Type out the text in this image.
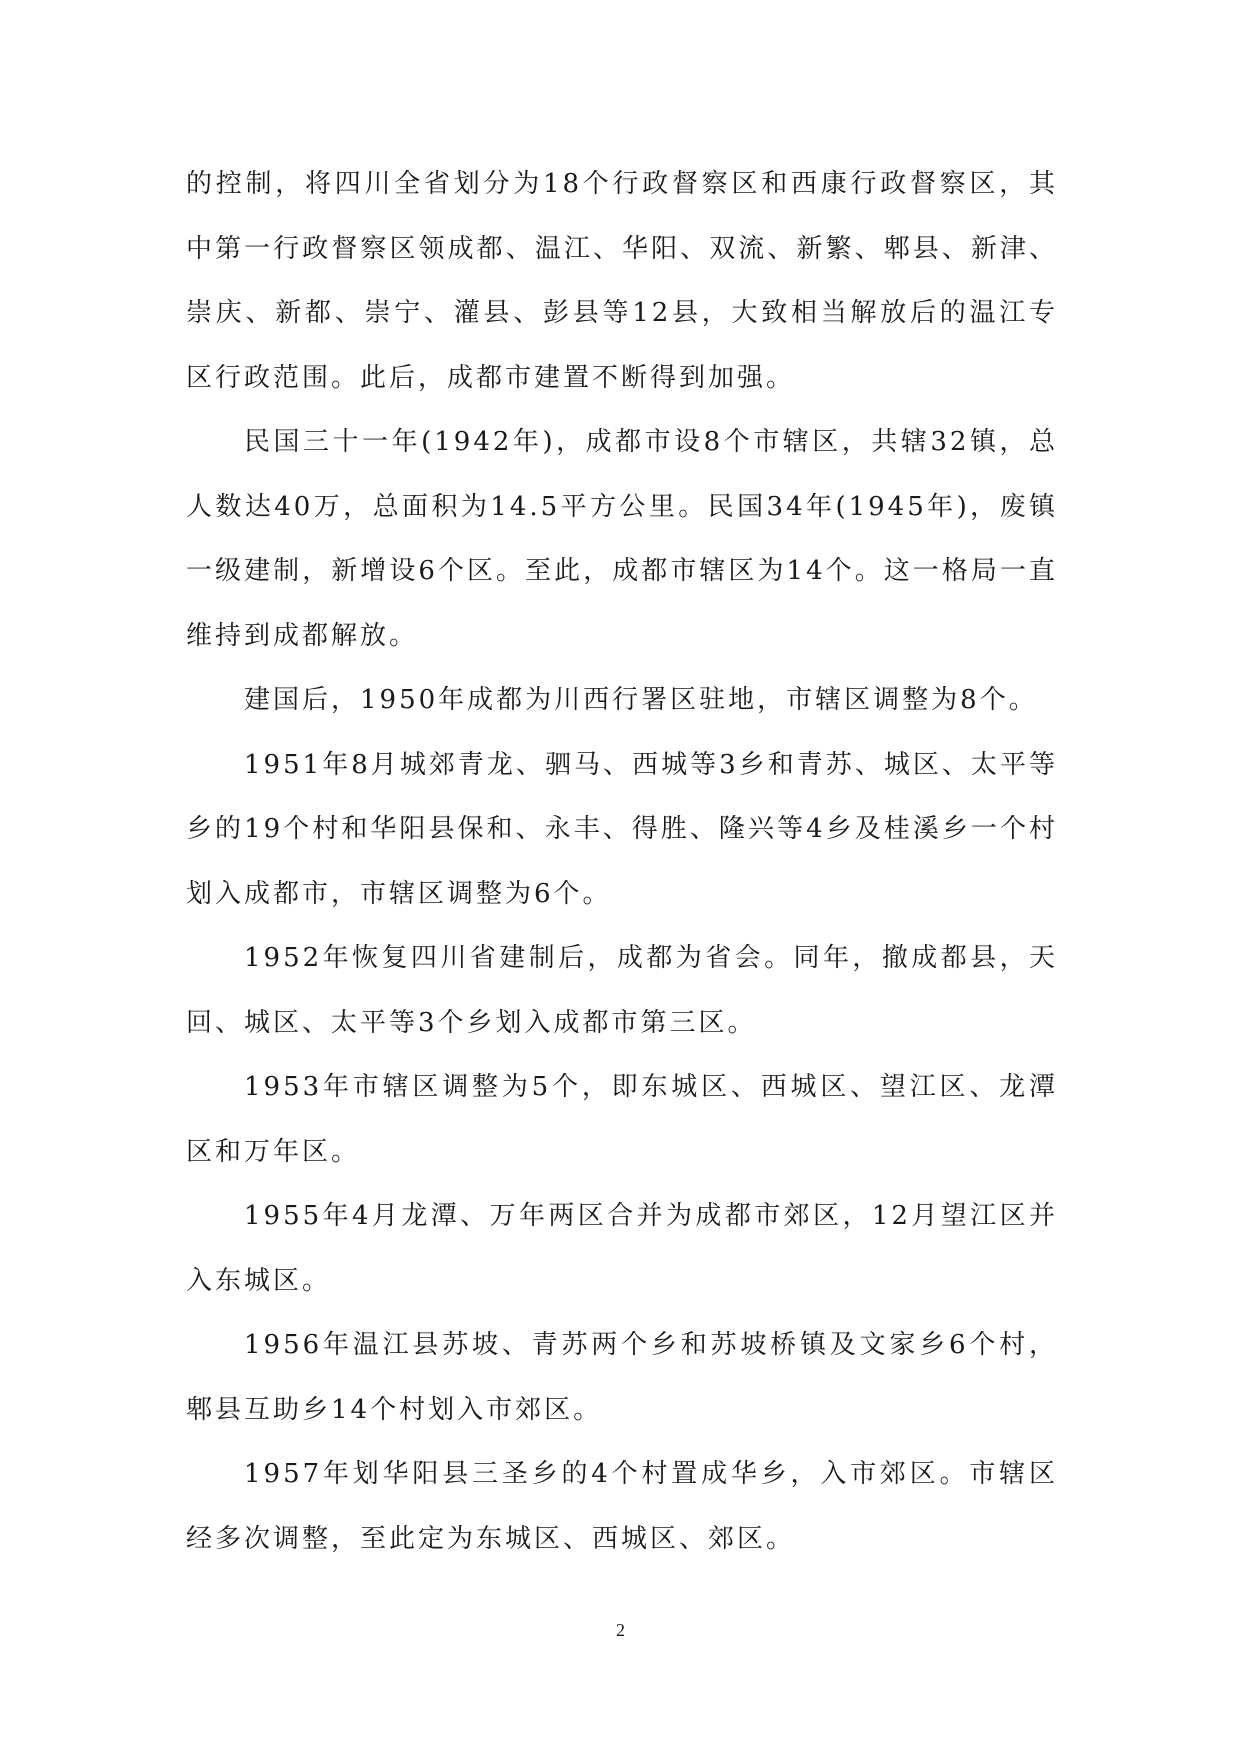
的控制，将四川全省划分为18个行政督察区和西康行政督察区，其中第一行政督察区领成都、温江、华阳、双流、新繁、郫县、新津、崇庆、新都、崇宁、灌县、彭县等12县，大致相当解放后的温江专区行政范围。此后，成都市建置不断得到加强。

民国三十一年(1942年)，成都市设8个市辖区，共辖32镇，总人数达40万，总面积为14.5平方公里。民国34年(1945年)，废镇一级建制，新增设6个区。至此，成都市辖区为14个。这一格局一直维持到成都解放。

建国后，1950年成都为川西行署区驻地，市辖区调整为8个。

1951年8月城郊青龙、驷马、西城等3乡和青苏、城区、太平等乡的19个村和华阳县保和、永丰、得胜、隆兴等4乡及桂溪乡一个村划入成都市，市辖区调整为6个。

1952年恢复四川省建制后，成都为省会。同年，撤成都县，天回、城区、太平等3个乡划入成都市第三区。

1953年市辖区调整为5个，即东城区、西城区、望江区、龙潭区和万年区。

1955年4月龙潭、万年两区合并为成都市郊区，12月望江区并入东城区。

1956年温江县苏坡、青苏两个乡和苏坡桥镇及文家乡6个村，郫县互助乡14个村划入市郊区。

1957年划华阳县三圣乡的4个村置成华乡，入市郊区。市辖区经多次调整，至此定为东城区、西城区、郊区。

2
